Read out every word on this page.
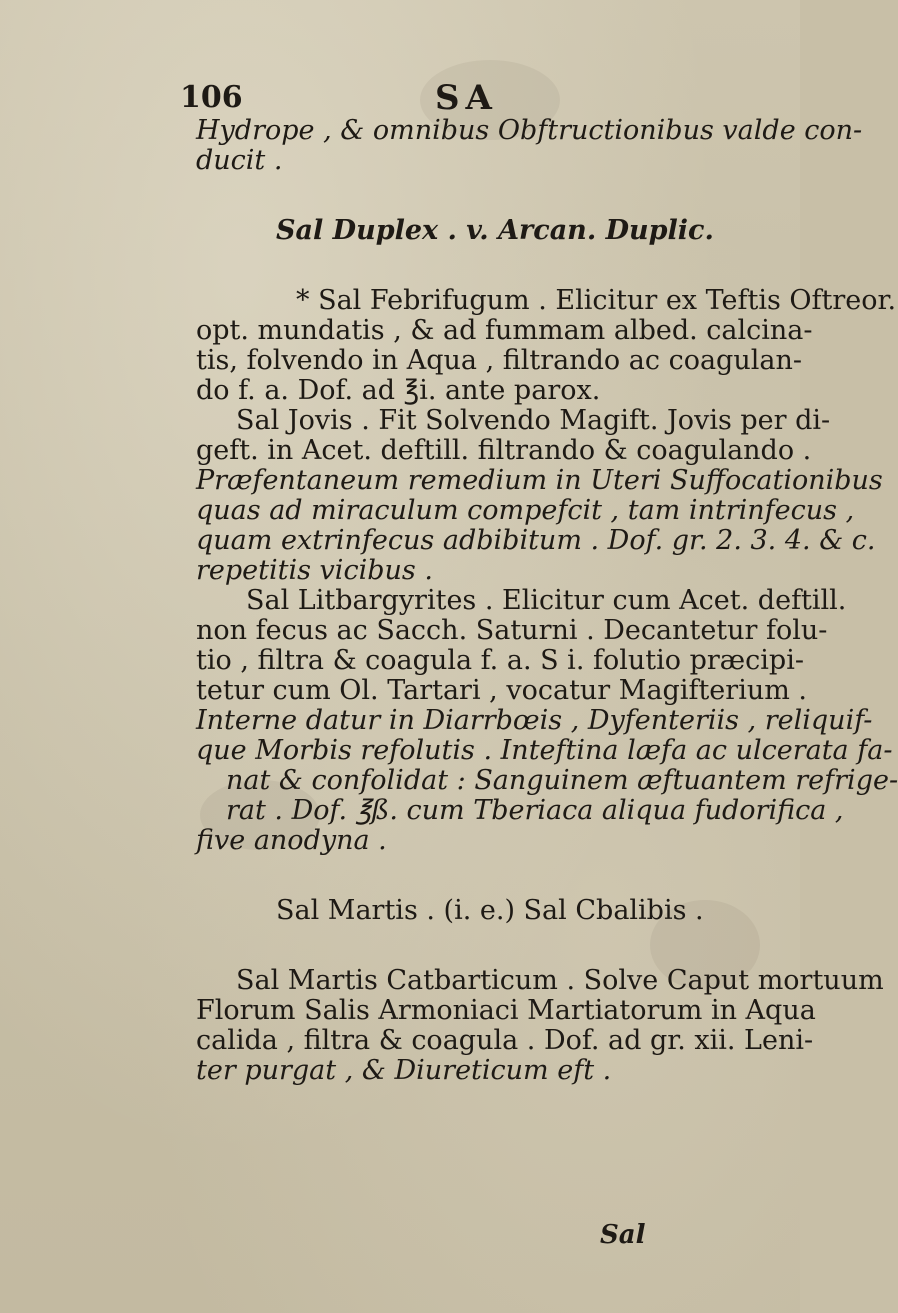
106	SA
Hydrope , & omnibus Obftructionibus valde con-
ducit .
Sal Duplex . v. Arcan. Duplic.
* Sal Febrifugum . Elicitur ex Teftis Oftreor.
opt. mundatis , & ad fummam albed. calcina-
tis, folvendo in Aqua , filtrando ac coagulan-
do f. a. Dof. ad ℥i. ante parox.
Sal Jovis . Fit Solvendo Magift. Jovis per di-
geft. in Acet. deftill. filtrando & coagulando .
Præfentaneum remedium in Uteri Suffocationibus
quas ad miraculum compefcit , tam intrinfecus ,
quam extrinfecus adbibitum . Dof. gr. 2. 3. 4. & c.
repetitis vicibus .
Sal Litbargyrites . Elicitur cum Acet. deftill.
non fecus ac Sacch. Saturni . Decantetur folu-
tio , filtra & coagula f. a. S i. folutio præcipi-
tetur cum Ol. Tartari , vocatur Magifterium .
Interne datur in Diarrbœis , Dyfenteriis , reliquif-
que Morbis refolutis . Inteftina læfa ac ulcerata fa-
nat & confolidat : Sanguinem æftuantem refrige-
rat . Dof. ℥ß. cum Tberiaca aliqua fudorifica ,
five anodyna .
Sal Martis . (i. e.) Sal Cbalibis .
Sal Martis Catbarticum . Solve Caput mortuum
Florum Salis Armoniaci Martiatorum in Aqua
calida , filtra & coagula . Dof. ad gr. xii. Leni-
ter purgat , & Diureticum eft .
Sal
